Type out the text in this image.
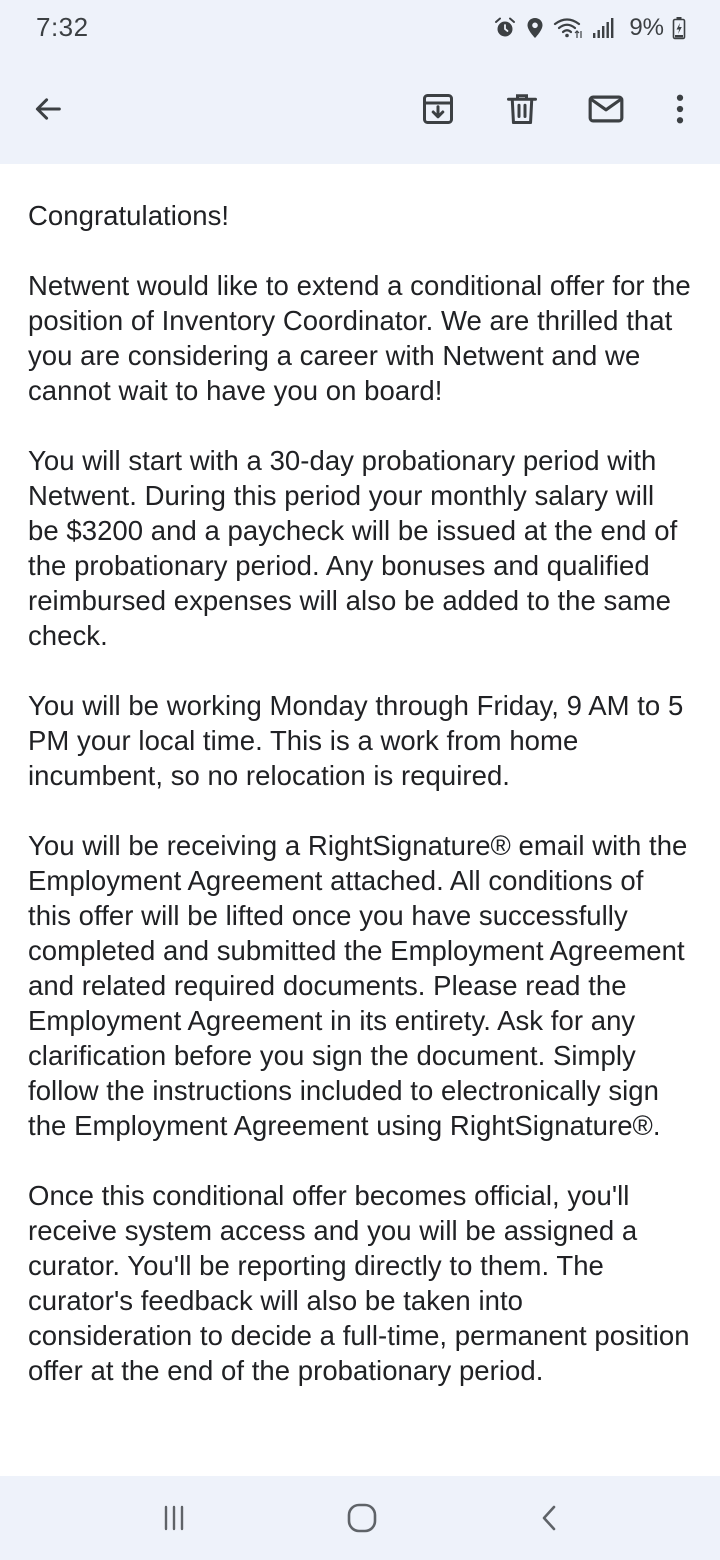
7:32	9%

Congratulations!

Netwent would like to extend a conditional offer for the position of Inventory Coordinator. We are thrilled that you are considering a career with Netwent and we cannot wait to have you on board!

You will start with a 30-day probationary period with Netwent. During this period your monthly salary will be $3200 and a paycheck will be issued at the end of the probationary period. Any bonuses and qualified reimbursed expenses will also be added to the same check.

You will be working Monday through Friday, 9 AM to 5 PM your local time. This is a work from home incumbent, so no relocation is required.

You will be receiving a RightSignature® email with the Employment Agreement attached. All conditions of this offer will be lifted once you have successfully completed and submitted the Employment Agreement and related required documents. Please read the Employment Agreement in its entirety. Ask for any clarification before you sign the document. Simply follow the instructions included to electronically sign the Employment Agreement using RightSignature®.

Once this conditional offer becomes official, you'll receive system access and you will be assigned a curator. You'll be reporting directly to them. The curator's feedback will also be taken into consideration to decide a full-time, permanent position offer at the end of the probationary period.
